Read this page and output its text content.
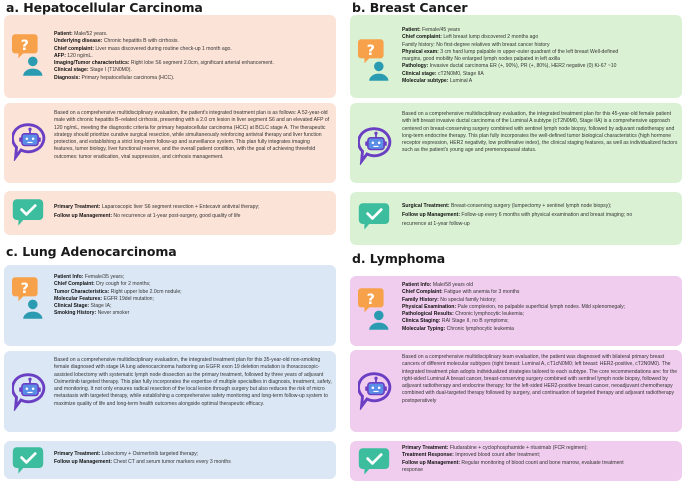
a. Hepatocellular Carcinoma
Patient: Male/52 years.
Underlying disease: Chronic hepatitis B with cirrhosis.
Chief complaint: Liver mass discovered during routine check-up 1 month ago.
AFP: 120 ng/mL.
Imaging/Tumor characteristics: Right lobe S6 segment 2.0cm, significant arterial enhancement.
Clinical stage: Stage I (T1N0M0).
Diagnosis: Primary hepatocellular carcinoma (HCC).
Based on a comprehensive multidisciplinary evaluation, the patient's integrated treatment plan is as follows: A 52-year-old male with chronic hepatitis B–related cirrhosis, presenting with a 2.0 cm lesion in liver segment S6 and an elevated AFP of 120 ng/mL, meeting the diagnostic criteria for primary hepatocellular carcinoma (HCC) at BCLC stage A. The therapeutic strategy should prioritize curative surgical resection, while simultaneously reinforcing antiviral therapy and liver function protection, and establishing a strict long-term follow-up and surveillance system. This plan fully integrates imaging features, tumor biology, liver functional reserve, and the overall patient condition, with the goal of achieving threefold outcomes: tumor eradication, viral suppression, and cirrhosis management.
Primary Treatment: Laparoscopic liver S6 segment resection + Entecavir antiviral therapy;
Follow up Management: No recurrence at 1-year post-surgery, good quality of life
b. Breast Cancer
Patient: Female/45 years
Chief complaint: Left breast lump discovered 2 months ago
Family history: No first-degree relatives with breast cancer history
Physical exam: 3 cm hard lump palpable in upper-outer quadrant of the left breast Well-defined
margins, good mobility No enlarged lymph nodes palpated in left axilla
Pathology: Invasive ductal carcinoma ER (+, 90%), PR (+, 80%), HER2 negative (0) Ki-67 ~10
Clinical stage: cT2N0M0, Stage IIA
Molecular subtype: Luminal A
Based on a comprehensive multidisciplinary evaluation, the integrated treatment plan for this 45-year-old female patient with left breast invasive ductal carcinoma of the Luminal A subtype (cT2N0M0, Stage IIA) is a comprehensive approach centered on breast-conserving surgery combined with sentinel lymph node biopsy, followed by adjuvant radiotherapy and long-term endocrine therapy. This plan fully incorporates the well-defined tumor biological characteristics (high hormone receptor expression, HER2 negativity, low proliferative index), the clinical staging features, as well as individualized factors such as the patient's young age and premenopausal status.
Surgical Treatment: Breast-conserving surgery (lumpectomy + sentinel lymph node biopsy);
Follow up Management: Follow-up every 6 months with physical examination and breast imaging; no
recurrence at 1-year follow-up
c. Lung Adenocarcinoma
Patient Info: Female/35 years;
Chief Complaint: Dry cough for 2 months;
Tumor Characteristics: Right upper lobe 2.0cm nodule;
Molecular Features: EGFR 19del mutation;
Clinical Stage: Stage IA;
Smoking History: Never smoker
Based on a comprehensive multidisciplinary evaluation, the integrated treatment plan for this 35-year-old non-smoking female diagnosed with stage IA lung adenocarcinoma harboring an EGFR exon 19 deletion mutation is thoracoscopic-assisted lobectomy with systematic lymph node dissection as the primary treatment, followed by three years of adjuvant Osimertinib targeted therapy. This plan fully incorporates the expertise of multiple specialties in diagnosis, treatment, safety, and monitoring. It not only ensures radical resection of the local lesion through surgery but also reduces the risk of micro metastasis with targeted therapy, while establishing a comprehensive safety monitoring and long-term follow-up system to maximize quality of life and long-term health outcomes alongside optimal therapeutic efficacy.
Primary Treatment: Lobectomy + Osimertinib targeted therapy;
Follow up Management: Chest CT and serum tumor markers every 3 months
d. Lymphoma
Patient Info: Male/58 years old
Chief Complaint: Fatigue with anemia for 3 months
Family History: No special family history;
Physical Examination: Pale complexion, no palpable superficial lymph nodes. Mild splenomegaly;
Pathological Results: Chronic lymphocytic leukemia;
Clinica Staging: RAI Stage II, no B symptoms;
Molecular Typing: Chronic lymphocytic leukemia
Based on a comprehensive multidisciplinary team evaluation, the patient was diagnosed with bilateral primary breast cancers of different molecular subtypes (right breast: Luminal A, cT1cN0M0; left breast: HER2-positive, cT2N0M0). The integrated treatment plan adopts individualized strategies tailored to each subtype. The core recommendations are: for the right-sided Luminal A breast cancer, breast-conserving surgery combined with sentinel lymph node biopsy, followed by adjuvant radiotherapy and endocrine therapy; for the left-sided HER2-positive breast cancer, neoadjuvant chemotherapy combined with dual-targeted therapy followed by surgery, and continuation of targeted therapy and adjuvant radiotherapy postoperatively
Primary Treatment: Fludarabine + cyclophosphamide + rituximab (FCR regimen);
Treatment Response: Improved blood count after treatment;
Follow up Management: Regular monitoring of blood count and bone marrow, evaluate treatment
response
